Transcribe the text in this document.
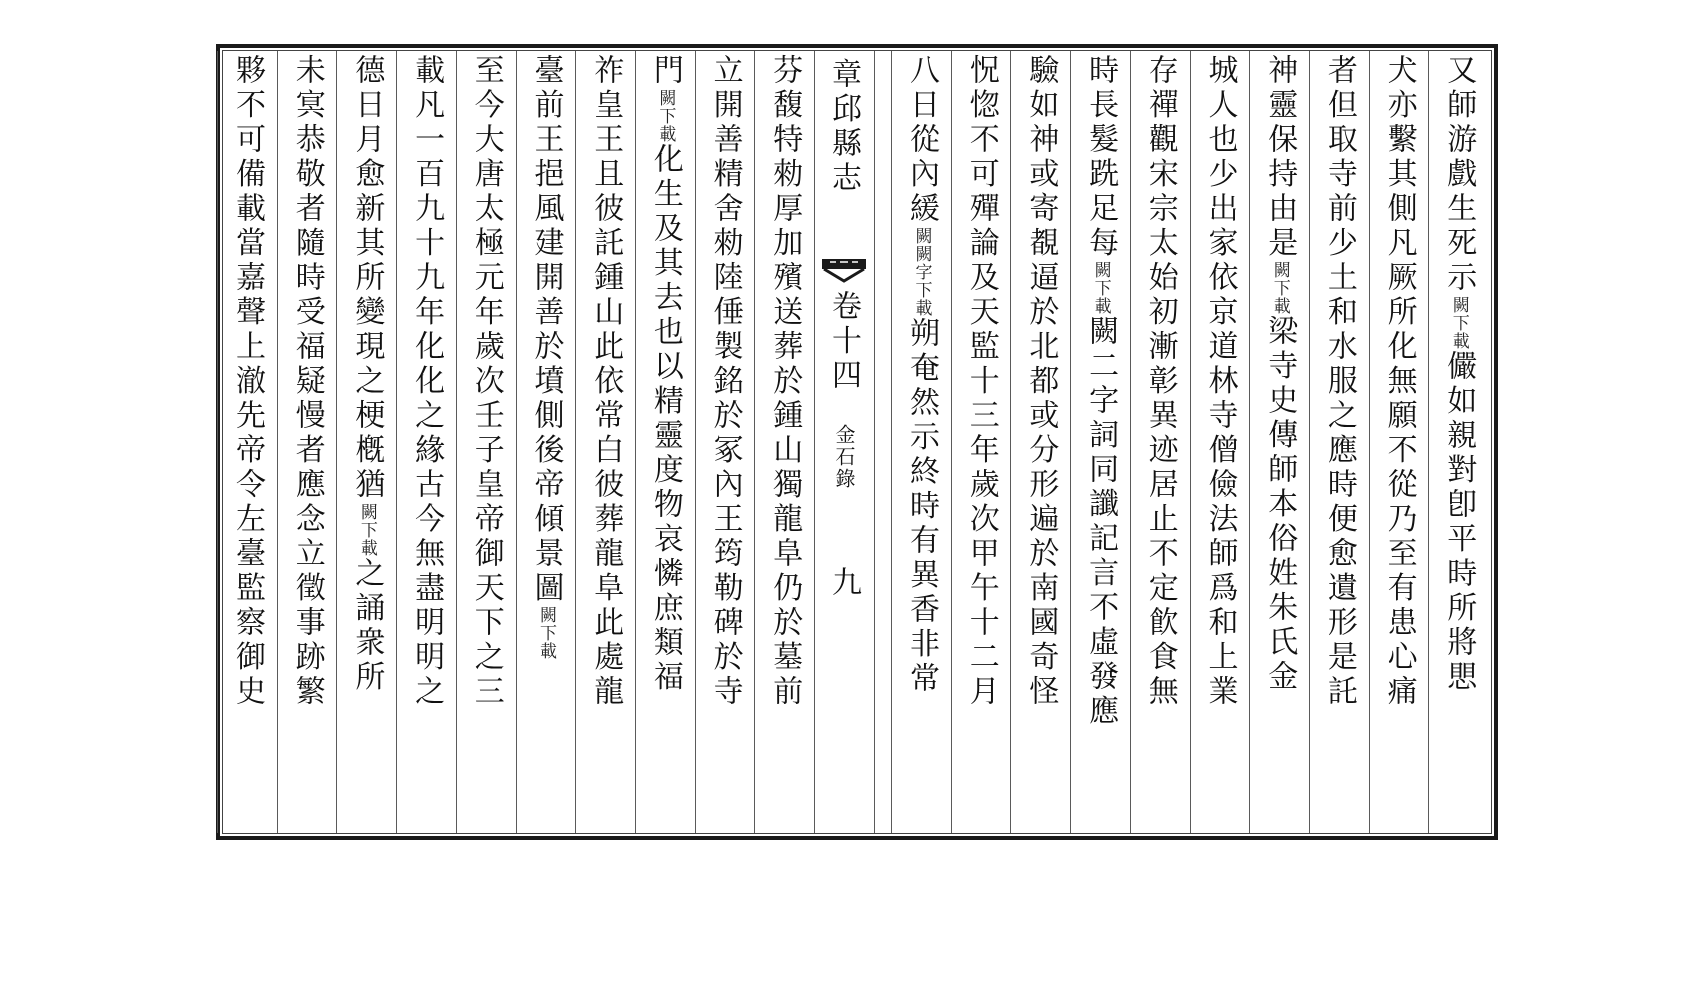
又師游戲生死示
闕下載
儼如親對卽平時所將愳
犬亦繫其側凡厥所化無願不從乃至有患心痛
者但取寺前少土和水服之應時便愈遺形是託
神靈保持由是
闕下載
梁寺史傳師本俗姓朱氏金
城人也少出家依京道林寺僧儉法師爲和上業
存禪觀宋宗太始初漸彰異迹居止不定飮食無
時長髮跣足每
闕下載
闕二字詞同讖記言不虛發應
驗如神或寄覩逼於北都或分形遍於南國奇怪
怳惚不可殫論及天監十三年歲次甲午十二月
八日從內緩
闕闕字下載
朔奄然示終時有異香非常
芬馥特勑厚加殯送葬於鍾山獨龍阜仍於墓前
立開善精舍勑陸倕製銘於冢內王筠勒碑於寺
門
闕下載
化生及其去也以精靈度物哀憐庶類福
祚皇王且彼託鍾山此依常白彼葬龍阜此處龍
臺前王挹風建開善於墳側後帝傾景圖
闕下載
至今大唐太極元年歲次壬子皇帝御天下之三
載凡一百九十九年化化之緣古今無盡明明之
德日月愈新其所變現之梗槪猶
闕下載
之誦衆所
未㝠恭敬者隨時受福疑慢者應念立徵事跡繁
夥不可備載當嘉聲上澈先帝令左臺監察御史	章邱縣志
卷十四
金石錄
九
